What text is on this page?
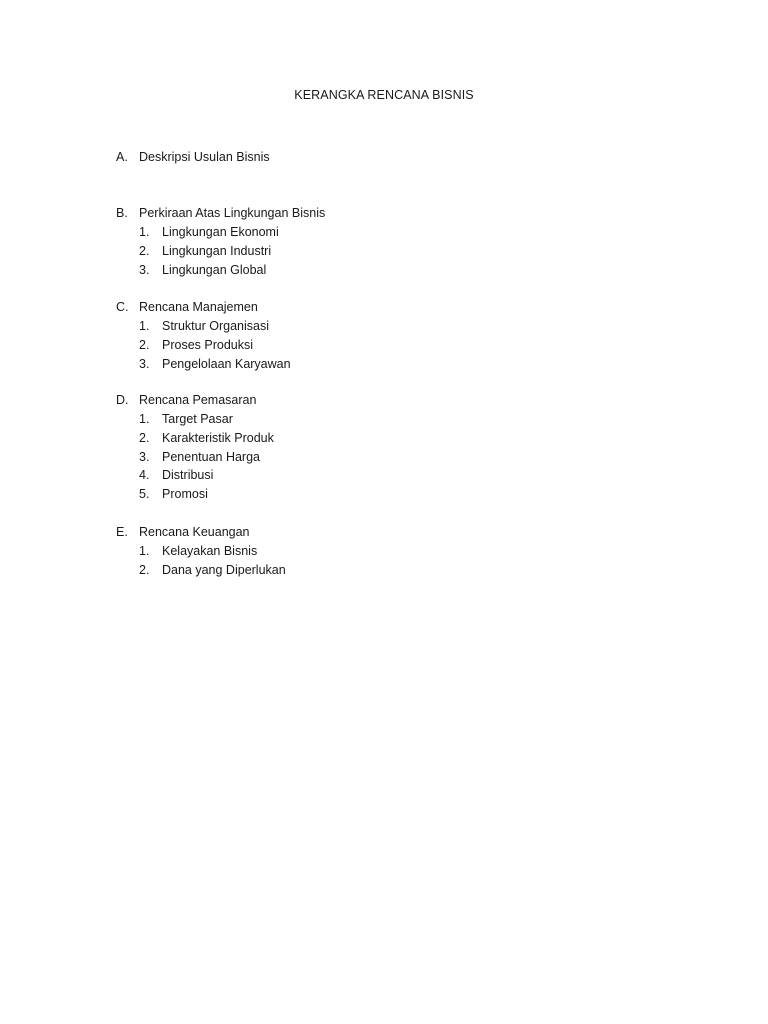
KERANGKA RENCANA BISNIS
A. Deskripsi Usulan Bisnis
B. Perkiraan Atas Lingkungan Bisnis
1. Lingkungan Ekonomi
2. Lingkungan Industri
3. Lingkungan Global
C. Rencana Manajemen
1. Struktur Organisasi
2. Proses Produksi
3. Pengelolaan Karyawan
D. Rencana Pemasaran
1. Target Pasar
2. Karakteristik Produk
3. Penentuan Harga
4. Distribusi
5. Promosi
E. Rencana Keuangan
1. Kelayakan Bisnis
2. Dana yang Diperlukan
